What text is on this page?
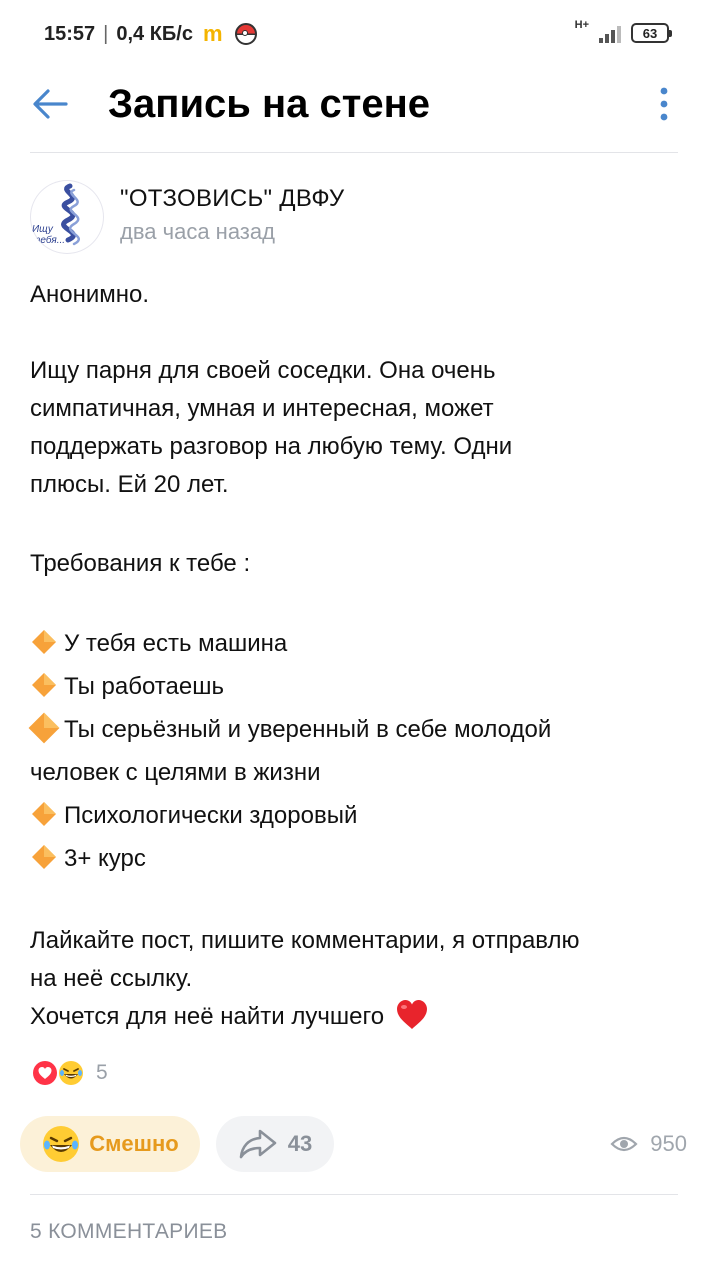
15:57 | 0,4 КБ/с m	H+
63
Запись на стене
Ищу
тебя...
"ОТЗОВИСЬ" ДВФУ
два часа назад
Анонимно.
Ищу парня для своей соседки. Она очень
симпатичная, умная и интересная, может
поддержать разговор на любую тему. Одни
плюсы. Ей 20 лет.
Требования к тебе :
У тебя есть машина
Ты работаешь
Ты серьёзный и уверенный в себе молодой
человек с целями в жизни
Психологически здоровый
3+ курс
Лайкайте пост, пишите комментарии, я отправлю
на неё ссылку.
Хочется для неё найти лучшего
5
Смешно	43	950
5 КОММЕНТАРИЕВ
